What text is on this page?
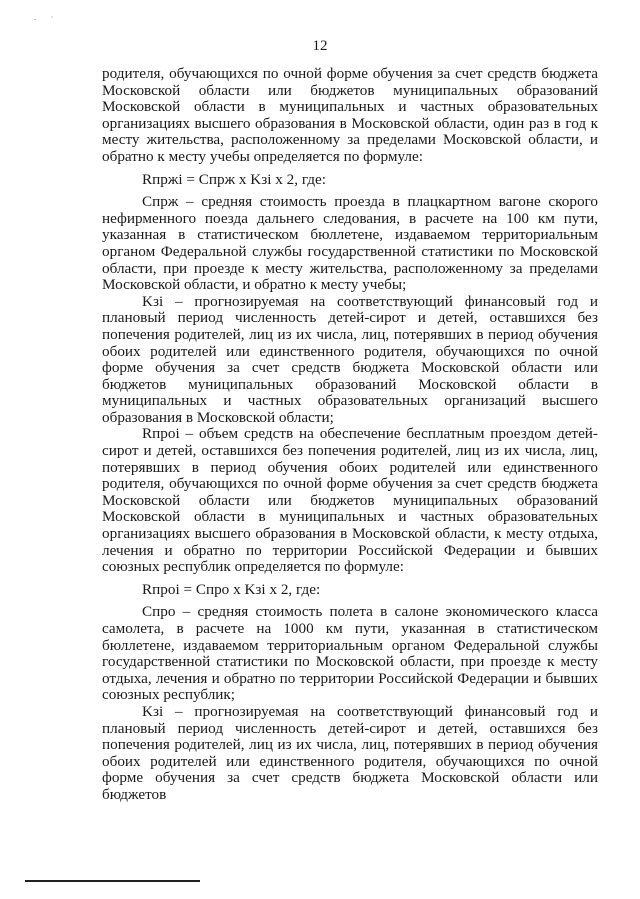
. ·
12

родителя, обучающихся по очной форме обучения за счет средств бюджета Московской области или бюджетов муниципальных образований Московской области в муниципальных и частных образовательных организациях высшего образования в Московской области, один раз в год к месту жительства, расположенному за пределами Московской области, и обратно к месту учебы определяется по формуле:

Rпржi = Спрж x Kзi x 2, где:

Спрж – средняя стоимость проезда в плацкартном вагоне скорого нефирменного поезда дальнего следования, в расчете на 100 км пути, указанная в статистическом бюллетене, издаваемом территориальным органом Федеральной службы государственной статистики по Московской области, при проезде к месту жительства, расположенному за пределами Московской области, и обратно к месту учебы;

Kзi – прогнозируемая на соответствующий финансовый год и плановый период численность детей-сирот и детей, оставшихся без попечения родителей, лиц из их числа, лиц, потерявших в период обучения обоих родителей или единственного родителя, обучающихся по очной форме обучения за счет средств бюджета Московской области или бюджетов муниципальных образований Московской области в муниципальных и частных образовательных организаций высшего образования в Московской области;

Rпроi – объем средств на обеспечение бесплатным проездом детей-сирот и детей, оставшихся без попечения родителей, лиц из их числа, лиц, потерявших в период обучения обоих родителей или единственного родителя, обучающихся по очной форме обучения за счет средств бюджета Московской области или бюджетов муниципальных образований Московской области в муниципальных и частных образовательных организациях высшего образования в Московской области, к месту отдыха, лечения и обратно по территории Российской Федерации и бывших союзных республик определяется по формуле:

Rпроi = Спро x Kзi x 2, где:

Спро – средняя стоимость полета в салоне экономического класса самолета, в расчете на 1000 км пути, указанная в статистическом бюллетене, издаваемом территориальным органом Федеральной службы государственной статистики по Московской области, при проезде к месту отдыха, лечения и обратно по территории Российской Федерации и бывших союзных республик;

Kзi – прогнозируемая на соответствующий финансовый год и плановый период численность детей-сирот и детей, оставшихся без попечения родителей, лиц из их числа, лиц, потерявших в период обучения обоих родителей или единственного родителя, обучающихся по очной форме обучения за счет средств бюджета Московской области или бюджетов
